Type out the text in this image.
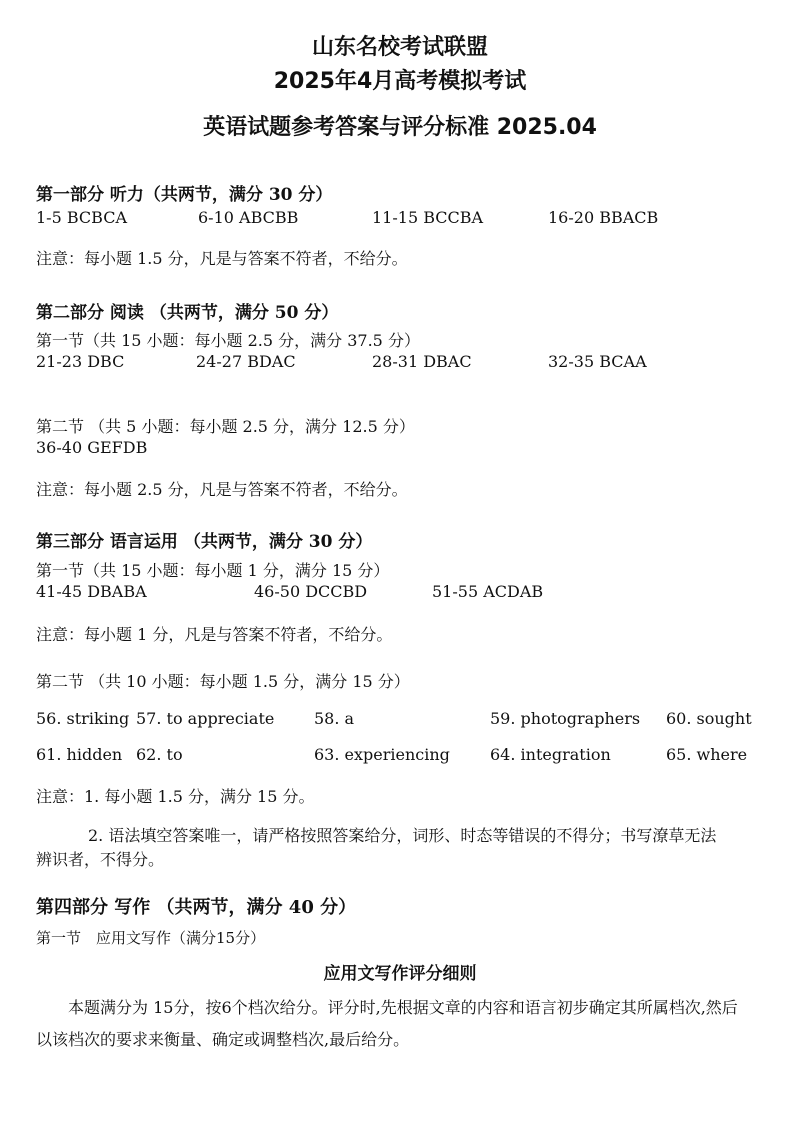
山东名校考试联盟
2025年4月高考模拟考试
英语试题参考答案与评分标准 2025.04
第一部分 听力（共两节，满分 30 分）
1-5 BCBCA	6-10 ABCBB	11-15 BCCBA	16-20 BBACB
注意：每小题 1.5 分，凡是与答案不符者，不给分。
第二部分 阅读 （共两节，满分 50 分）
第一节（共 15 小题：每小题 2.5 分，满分 37.5 分）
21-23 DBC	24-27 BDAC	28-31 DBAC	32-35 BCAA
第二节 （共 5 小题：每小题 2.5 分，满分 12.5 分）
36-40 GEFDB
注意：每小题 2.5 分，凡是与答案不符者，不给分。
第三部分 语言运用 （共两节，满分 30 分）
第一节（共 15 小题：每小题 1 分，满分 15 分）
41-45 DBABA	46-50 DCCBD	51-55 ACDAB
注意：每小题 1 分，凡是与答案不符者，不给分。
第二节 （共 10 小题：每小题 1.5 分，满分 15 分）
56. striking 57. to appreciate 58. a	59. photographers 60. sought
61. hidden 62. to	63. experiencing	64. integration	65. where
注意：1. 每小题 1.5 分，满分 15 分。
2. 语法填空答案唯一，请严格按照答案给分，词形、时态等错误的不得分；书写潦草无法
辨识者，不得分。
第四部分 写作 （共两节，满分 40 分）
第一节　应用文写作（满分15分）
应用文写作评分细则
本题满分为 15分，按6个档次给分。评分时,先根据文章的内容和语言初步确定其所属档次,然后
以该档次的要求来衡量、确定或调整档次,最后给分。
